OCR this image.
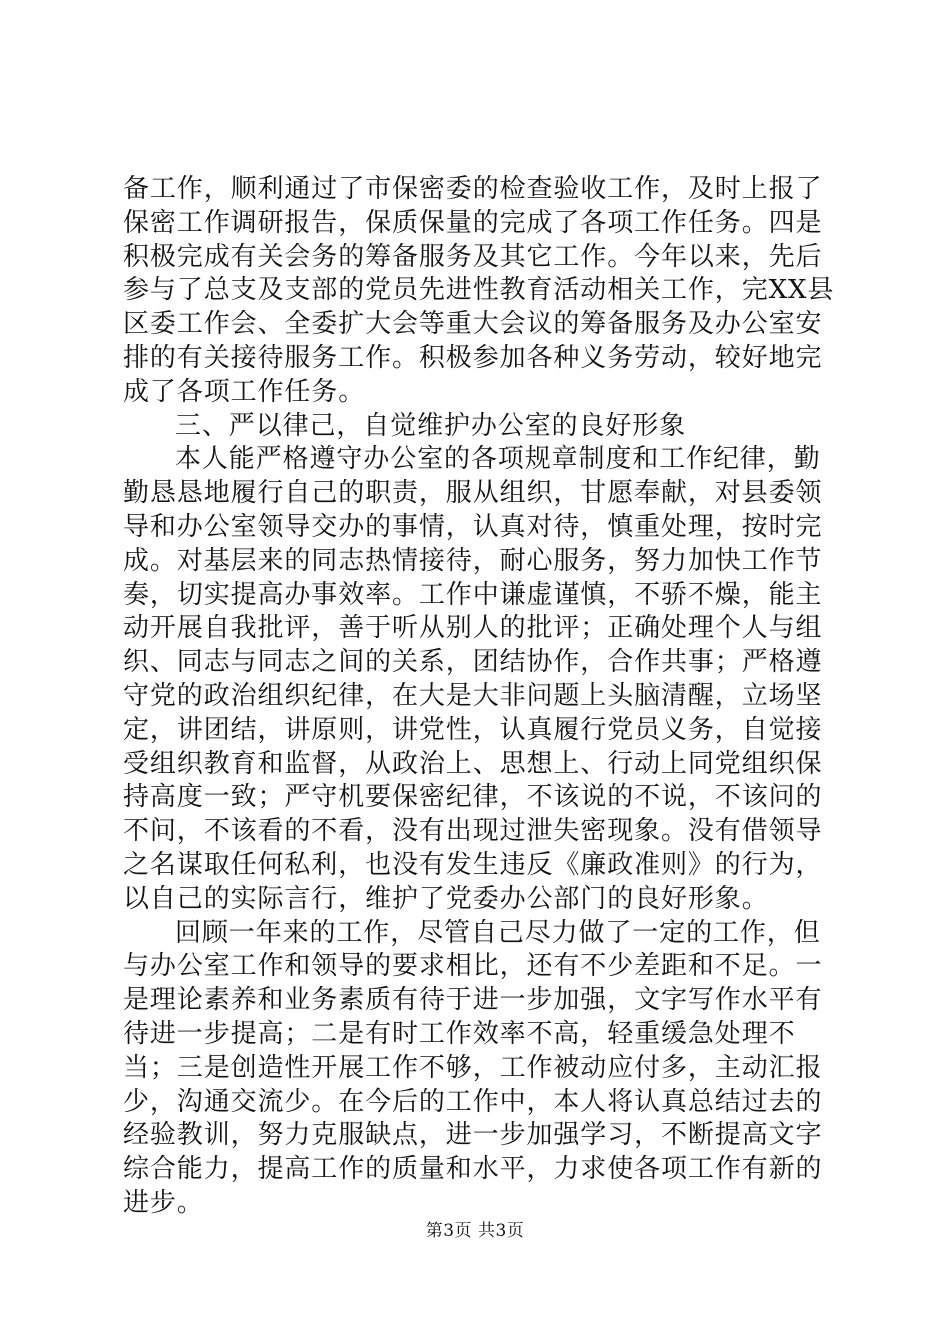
备工作，顺利通过了市保密委的检查验收工作，及时上报了保密工作调研报告，保质保量的完成了各项工作任务。四是积极完成有关会务的筹备服务及其它工作。今年以来，先后参与了总支及支部的党员先进性教育活动相关工作，完XX县区委工作会、全委扩大会等重大会议的筹备服务及办公室安排的有关接待服务工作。积极参加各种义务劳动，较好地完成了各项工作任务。

三、严以律己，自觉维护办公室的良好形象

本人能严格遵守办公室的各项规章制度和工作纪律，勤勤恳恳地履行自己的职责，服从组织，甘愿奉献，对县委领导和办公室领导交办的事情，认真对待，慎重处理，按时完成。对基层来的同志热情接待，耐心服务，努力加快工作节奏，切实提高办事效率。工作中谦虚谨慎，不骄不燥，能主动开展自我批评，善于听从别人的批评；正确处理个人与组织、同志与同志之间的关系，团结协作，合作共事；严格遵守党的政治组织纪律，在大是大非问题上头脑清醒，立场坚定，讲团结，讲原则，讲党性，认真履行党员义务，自觉接受组织教育和监督，从政治上、思想上、行动上同党组织保持高度一致；严守机要保密纪律，不该说的不说，不该问的不问，不该看的不看，没有出现过泄失密现象。没有借领导之名谋取任何私利，也没有发生违反《廉政准则》的行为，以自己的实际言行，维护了党委办公部门的良好形象。

回顾一年来的工作，尽管自己尽力做了一定的工作，但与办公室工作和领导的要求相比，还有不少差距和不足。一是理论素养和业务素质有待于进一步加强，文字写作水平有待进一步提高；二是有时工作效率不高，轻重缓急处理不当；三是创造性开展工作不够，工作被动应付多，主动汇报少，沟通交流少。在今后的工作中，本人将认真总结过去的经验教训，努力克服缺点，进一步加强学习，不断提高文字综合能力，提高工作的质量和水平，力求使各项工作有新的进步。

第3页 共3页
